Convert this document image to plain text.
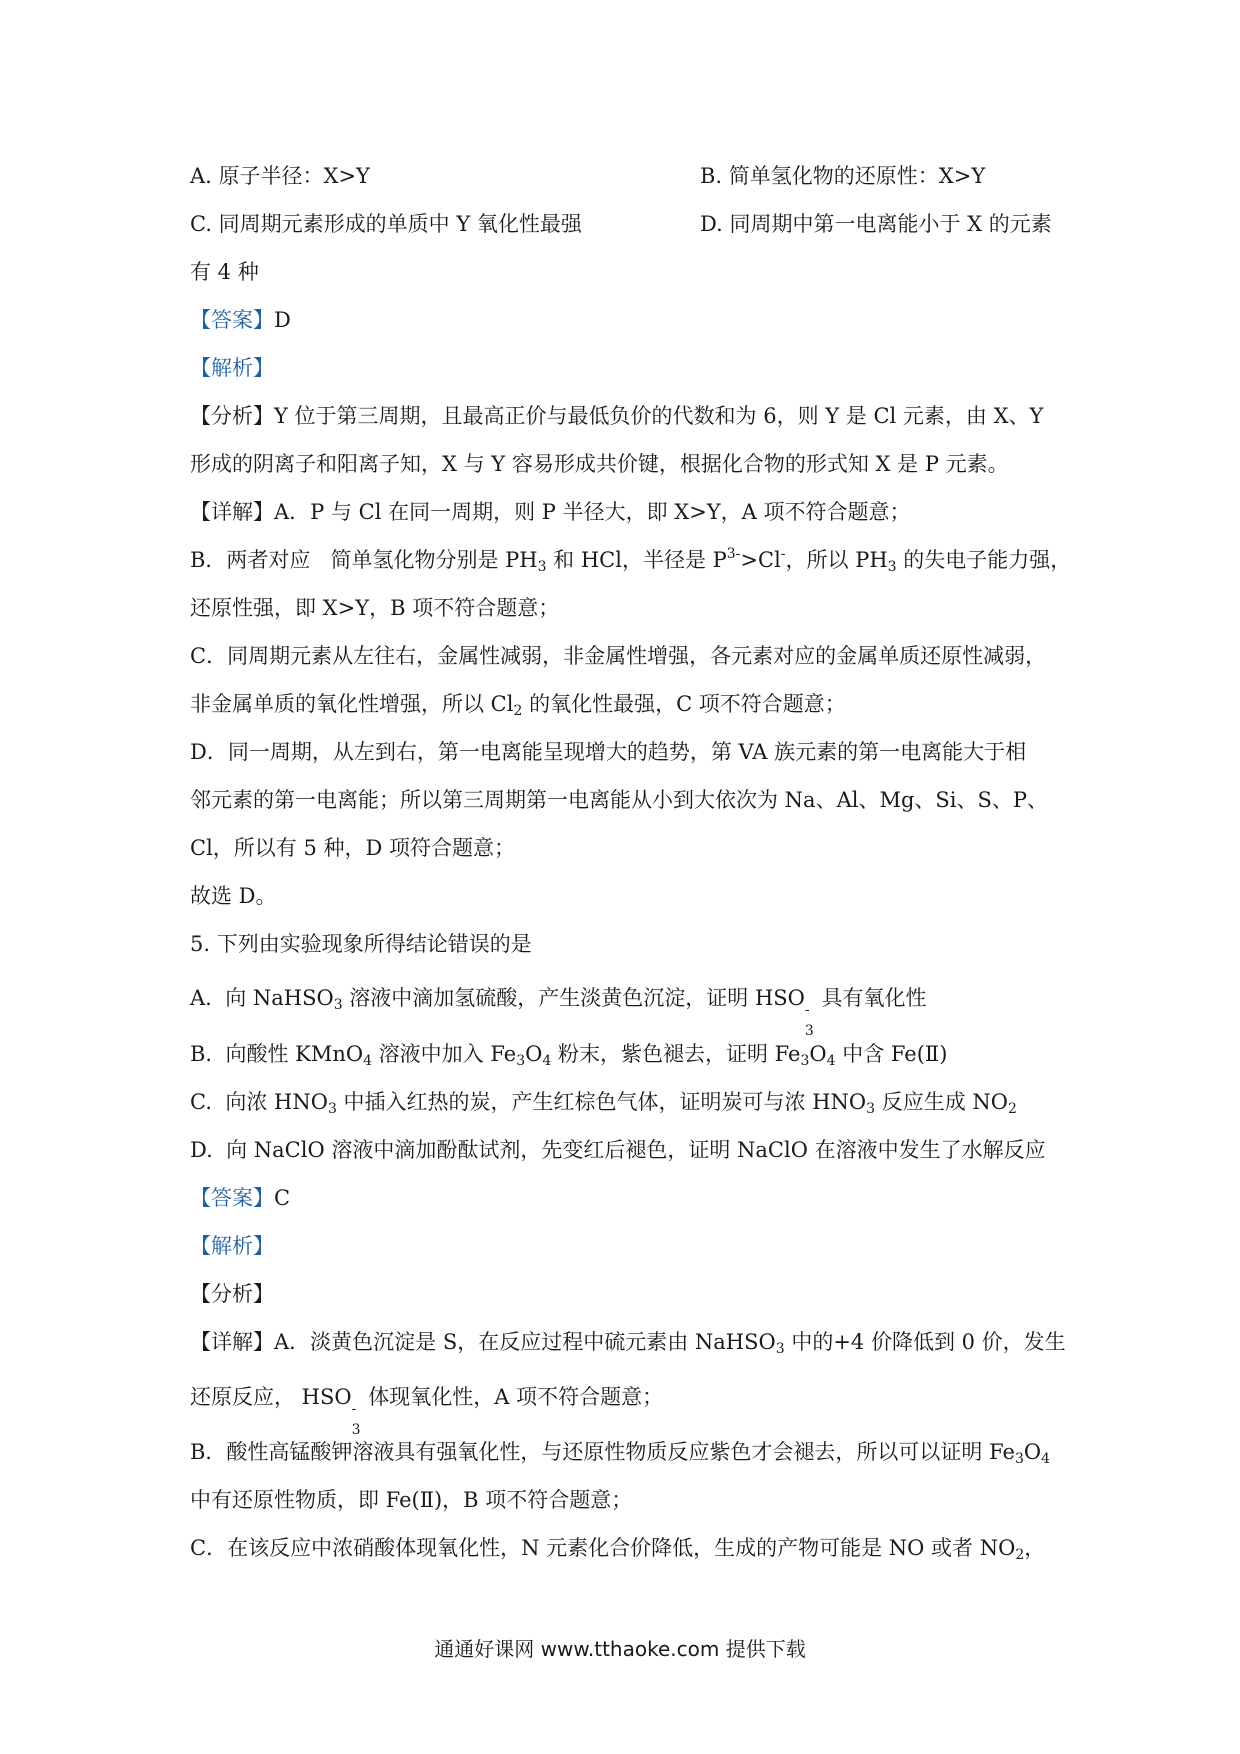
A. 原子半径：X>Y	B. 简单氢化物的还原性：X>Y
C. 同周期元素形成的单质中 Y 氧化性最强	D. 同周期中第一电离能小于 X 的元素
有 4 种
【答案】D
【解析】
【分析】Y 位于第三周期，且最高正价与最低负价的代数和为 6，则 Y 是 Cl 元素，由 X、Y
形成的阴离子和阳离子知，X 与 Y 容易形成共价键，根据化合物的形式知 X 是 P 元素。
【详解】A．P 与 Cl 在同一周期，则 P 半径大，即 X>Y，A 项不符合题意；
B．两者对应   简单氢化物分别是 $PH_3$ 和 HCl，半径是 $P^{3-}>Cl^-$，所以 $PH_3$ 的失电子能力强，
还原性强，即 X>Y，B 项不符合题意；
C．同周期元素从左往右，金属性减弱，非金属性增强，各元素对应的金属单质还原性减弱，
非金属单质的氧化性增强，所以 $Cl_2$ 的氧化性最强，C 项不符合题意；
D．同一周期，从左到右，第一电离能呈现增大的趋势，第 VA 族元素的第一电离能大于相
邻元素的第一电离能；所以第三周期第一电离能从小到大依次为 Na、Al、Mg、Si、S、P、
Cl，所以有 5 种，D 项符合题意；
故选 D。
5. 下列由实验现象所得结论错误的是
A.  向 NaHSO$_3$ 溶液中滴加氢硫酸，产生淡黄色沉淀，证明 HSO -
3
具有氧化性
B.  向酸性 KMnO$_4$ 溶液中加入 $Fe_3O_4$ 粉末，紫色褪去，证明 $Fe_3O_4$ 中含 Fe(Ⅱ)
C.  向浓 $HNO_3$ 中插入红热的炭，产生红棕色气体，证明炭可与浓 $HNO_3$ 反应生成 $NO_2$
D.  向 NaClO 溶液中滴加酚酞试剂，先变红后褪色，证明 NaClO 在溶液中发生了水解反应
【答案】C
【解析】
【分析】
【详解】A．淡黄色沉淀是 S，在反应过程中硫元素由 NaHSO$_3$ 中的+4 价降低到 0 价，发生
还原反应， HSO -
3
体现氧化性，A 项不符合题意；
B．酸性高锰酸钾溶液具有强氧化性，与还原性物质反应紫色才会褪去，所以可以证明 $Fe_3O_4$
中有还原性物质，即 Fe(Ⅱ)，B 项不符合题意；
C．在该反应中浓硝酸体现氧化性，N 元素化合价降低，生成的产物可能是 NO 或者 $NO_2$，
通通好课网 www.tthaoke.com 提供下载
